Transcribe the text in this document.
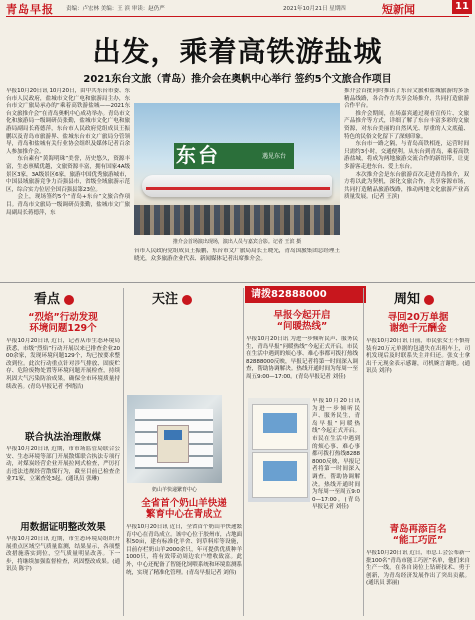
青岛早报 责编：卢宏林 美编：王 滨 审读：赵仍严	2021年10月21日 星期四	短新闻	11
出发，乘着高铁游盐城
2021东台文旅（青岛）推介会在奥帆中心举行 签约5个文旅合作项目
早报10月20日讯 10月20日，由中共东台市委、东台市人民政府，盐城市文化广电和旅游局主办，东台市文广旅局承办的“乘着高铁游盐城——2021东台文旅推介会”在青岛奥帆中心成功举办。青岛市文化和旅游局一级调研员张勤，盐城市文化广电和旅游局副局长蒋德萍，东台市人民政府党组成员王振鹏以及青岛市旅游界、盐城东台市文广旅局分管领导，青岛和盐城有关行业协会组织及媒体记者百余人参加推介会。
　　东台素有“黄海明珠”美誉，历史悠久，资源丰富，生态禀赋优越，文旅资源丰富，拥有国家4A级景区3家，3A级景区6家，旅游中国优秀旅游城市，中国县域旅游竞争力百强县市，省级全域旅游示范区，综合实力位居全国百强县第23位。
　　会上，现场签约5个“青岛+东台”文旅合作项目。青岛市文旅局一级调研员张勤，盐城市文广旅局副局长蒋德萍，东
东台	遇见东台
推介会首场演出现场，演出人员与嘉宾合影。记者 王滨 摄
台市人民政府党组成员王振鹏，东台市文广旅局局长王晓光，青岛国旅集团总经理王晓光，众多旅游企业代表、新闻媒体记者出席推介会。
推介会首批同时推出了东台文旅和盐城旅游的多条精品线路，各合作方共享会场推介，共同打造旅游合作平台。
　　推介会期间，在场嘉宾通过观看宣传片、文旅产品推介等方式，详细了解了东台丰富多彩的文旅资源，对东台美丽的自然风光、厚重的人文底蕴、特色的民俗文化留下了深刻印象。
　　东台市一路之隔，与青岛高铁相连，运营时间只需约3小时，交通便利。从东台到青岛，乘着高铁游盐城，将成为两地旅游交流合作的新纽带，让更多游客走进东台、爱上东台。
　　本次推介会是东台旅游首次走进青岛推介，双方将以此为契机，深化文旅合作，共享客源市场，共同打造精品旅游线路，推动两地文化旅游产业高质量发展。(记者 王滨)
看点
“烈焰”行动发现
环境问题129个
早报10月20日讯 近日，记者从市生态环境局获悉，市级“烈焰”行动开展以来已排查企业2000余家，发现环境问题129个，均已按要求整改到位。此次行动重点针对涉气排放、固废贮存、危险废物处置等环境问题开展检查，持续巩固大气污染防治成果，确保全市环境质量持续改善。(青岛早报记者 李晓洁)
联合执法治理散煤
早报10月20日讯 近期，市市场监管局联合公安、生态环境等部门开展散煤联合执法专项行动，对煤炭经营企业开展拉网式检查，严厉打击违法违规经营散煤行为，截至目前已检查企业71家，立案查处3起。(通讯员 张琳)
用数据证明整改效果
早报10月20日讯 近期，市生态环境局组织开展重点区域空气质量监测，结果显示，各项整改措施落实到位，空气质量明显改善。下一步，将继续加强监督检查，巩固整改成果。(通讯员 陈宇)
天注
奶山羊快递繁育中心
全省首个奶山羊快递
繁育中心在青成立
早报10月20日讯 近日，全省首个奶山羊快递繁育中心在青岛成立。该中心位于胶州市，占地面积50亩，建有标准化羊舍、饲草料库等设施，目前存栏奶山羊2000余只，年可提供优质种羊1000只，将有效带动周边农户增收致富。此外，中心还配备了智能化饲喂系统和环境监测系统，实现了精准化管理。(青岛早报记者 刘伟)
请拨82888000
早报今起开启
“问暖热线”
早报10月20日讯 为进一步倾听民声、服务民生，青岛早报“问暖热线”今起正式开启。市民在生活中遇到的烦心事、难心事都可拨打热线82888000反映，早报记者将第一时间深入调查，帮助协调解决。热线开通时间为每周一至周五9:00—17:00。(青岛早报记者 刘佳)
早报10月20日讯 为进一步倾听民声、服务民生，青岛早报“问暖热线”今起正式开启。市民在生活中遇到的烦心事、难心事都可拨打热线82888000反映，早报记者将第一时间深入调查，帮助协调解决。热线开通时间为每周一至周五9:00—17:00。(青岛早报记者 刘佳)
周知
寻回20万单据
谢绝千元酬金
早报10月20日讯 日前，市民张女士不慎将装有20万元单据的包遗失在出租车上，司机发现后及时联系失主并归还。张女士拿出千元现金表示感谢，司机婉言谢绝。(通讯员 刘洋)
青岛再添百名
“能工巧匠”
早报10月20日讯 近日，市总工会公布新一批100名“青岛市能工巧匠”名单，他们来自生产一线，在各自岗位上钻研技术、勇于创新，为青岛经济发展作出了突出贡献。(通讯员 郭丽)
